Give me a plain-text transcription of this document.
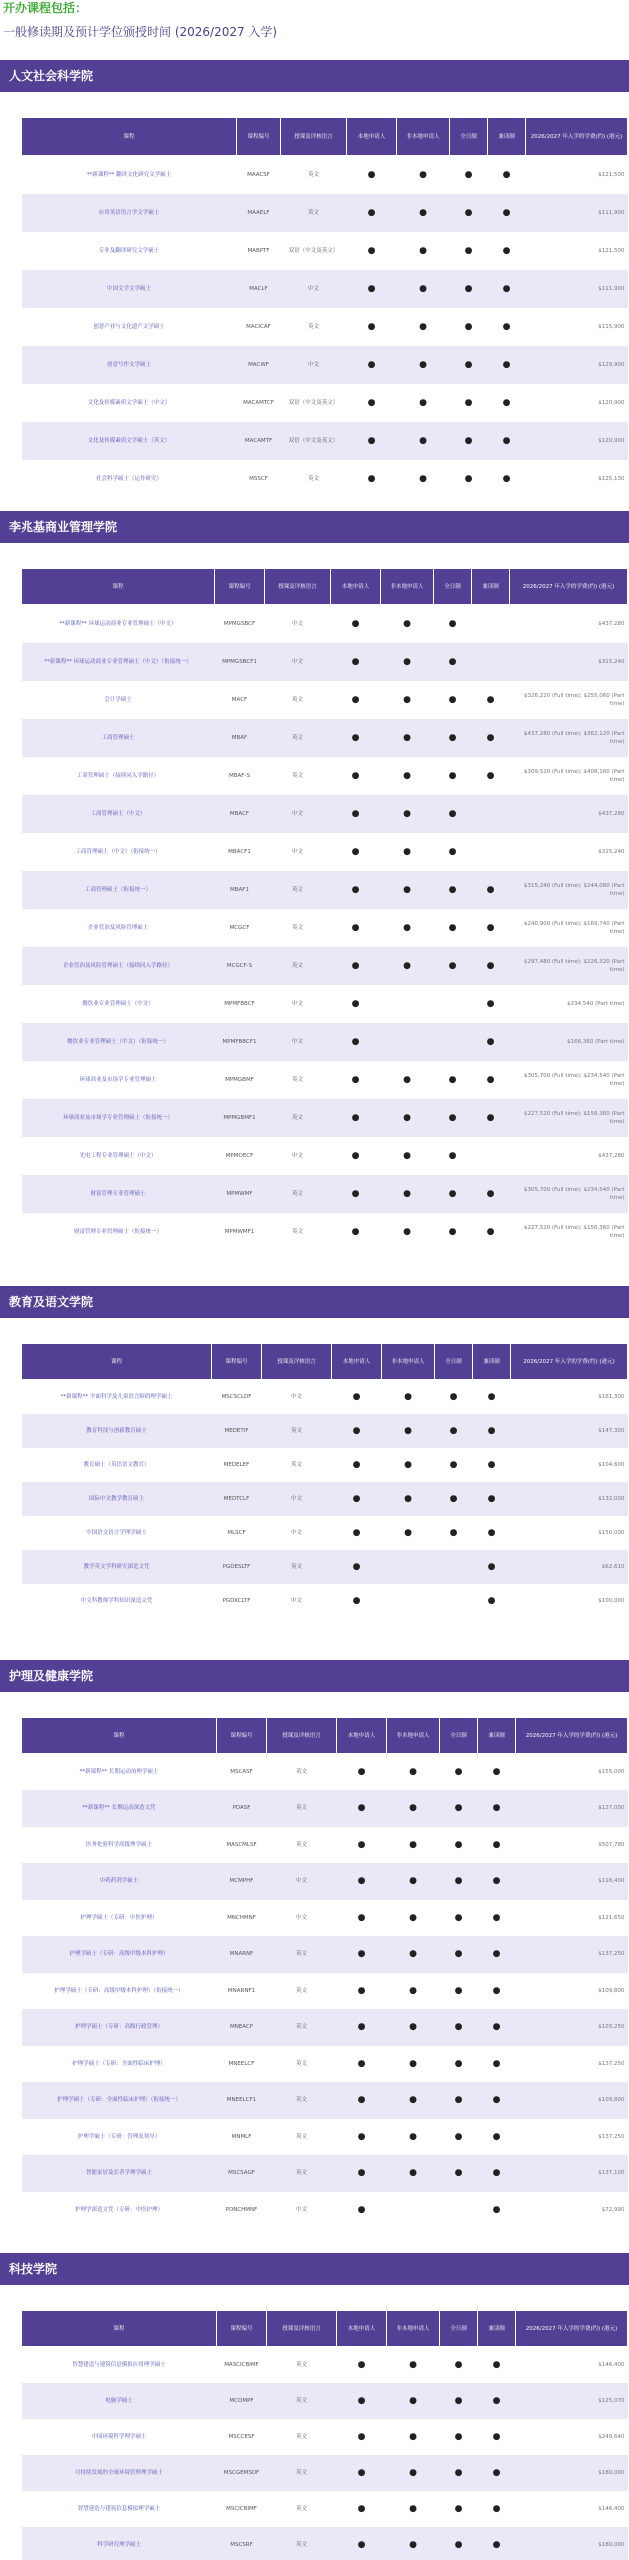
开办课程包括：
一般修读期及预计学位颁授时间 (2026/2027 入学)
人文社会科学院
课程	课程编号	授课及评核语言	本地申请人	非本地申请人	全日制	兼读制	2026/2027 年入学的学费(约) (港元)
**新课程** 翻译文化研究文学硕士	MAACSF	英文	●	●	●	●	$121,500
应用英语语言学文学硕士	MAAELF	英文	●	●	●	●	$111,900
专业及翻译研究文学硕士	MABPTF	双语（中文及英文）	●	●	●	●	$121,500
中国文学文学硕士	MACLF	中文	●	●	●	●	$111,900
创意产业与文化遗产文学硕士	MACICAF	英文	●	●	●	●	$115,900
创意写作文学硕士	MACWF	中文	●	●	●	●	$129,900
文化及传媒素质文学硕士（中文）	MACAMTCF	双语（中文及英文）	●	●	●	●	$120,900
文化及传媒素质文学硕士（英文）	MACAMTF	双语（中文及英文）	●	●	●	●	$120,900
社会科学硕士（运作研究）	MSSCF	英文	●	●	●	●	$125,130
李兆基商业管理学院
课程	课程编号	授课及评核语言	本地申请人	非本地申请人	全日制	兼读制	2026/2027 年入学的学费(约) (港元)
**新课程** 环球运动商业专业管理硕士（中文）	MPMGSBCF	中文	●	●	●		$437,280
**新课程** 环球运动商业专业管理硕士（中文）（衔接统一）	MPMGSBCF1	中文	●	●	●		$315,240
会计学硕士	MACF	英文	●	●	●	●	$326,220 (Full time); $255,060 (Part time)
工商管理硕士	MBAF	英文	●	●	●	●	$437,280 (Full time); $362,120 (Part time)
工商管理硕士（接续同入学路径）	MBAF-S	英文	●	●	●	●	$309,520 (Full time); $408,160 (Part time)
工商管理硕士（中文）	MBACF	中文	●	●	●		$437,280
工商管理硕士（中文）（衔接统一）	MBACF1	中文	●	●	●		$315,240
工商管理硕士（衔接统一）	MBAF1	英文	●	●	●	●	$315,240 (Full time); $244,080 (Part time)
企业管治及风险管理硕士	MCGCF	英文	●	●	●	●	$240,900 (Full time); $169,740 (Part time)
企业管治及风险管理硕士（接续同入学路径）	MCGCF-S	英文	●	●	●	●	$297,480 (Full time); $226,320 (Part time)
餐饮业专业管理硕士（中文）	MPMFBBCF	中文	●			●	$234,540 (Part time)
餐饮业专业管理硕士（中文）（衔接统一）	MPMFBBCF1	中文	●			●	$166,360 (Part time)
环球商业及市场学专业管理硕士	MPMGBMF	英文	●	●	●	●	$305,700 (Full time); $234,540 (Part time)
环球商业及市场学专业管理硕士（衔接统一）	MPMGBMF1	英文	●	●	●	●	$227,520 (Full time); $156,360 (Part time)
光电工程专业管理硕士（中文）	MPMOECF	中文	●	●	●		$437,280
财富管理专业管理硕士	MPMWMF	英文	●	●	●	●	$305,700 (Full time); $234,540 (Part time)
财富管理专业管理硕士（衔接统一）	MPMWMF1	英文	●	●	●	●	$227,520 (Full time); $156,360 (Part time)
教育及语文学院
课程	课程编号	授课及评核语言	本地申请人	非本地申请人	全日制	兼读制	2026/2027 年入学的学费(约) (港元)
**新课程** 全面科学及儿童语言障碍理学硕士	MSCSCLDF	中文	●	●	●	●	$161,300
教育科技与创新教育硕士	MEDETIF	英文	●	●	●	●	$147,300
教育硕士（英语语文教育）	MEDELEF	英文	●	●	●	●	$104,600
国际中文教学教育硕士	MEDTCLF	中文	●	●	●	●	$132,000
中国语文语言学理学硕士	MLSCF	中文	●	●	●	●	$150,000
教学英文学科研究深造文凭	PGDESLTF	英文	●			●	$62,610
中文科教师学科知识深造文凭	PGDKCLTF	中文	●			●	$100,000
护理及健康学院
课程	课程编号	授课及评核语言	本地申请人	非本地申请人	全日制	兼读制	2026/2027 年入学的学费(约) (港元)
**新课程** 长期运动治理学硕士	MSCASF	英文	●	●	●	●	$155,000
**新课程** 长期运动深造文凭	PDASF	英文	●	●	●	●	$127,000
医务化验科学高级理学硕士	MASCMLSF	英文	●	●	●	●	$507,780
中药药剂学硕士	MCMPHF	中文	●	●	●	●	$116,400
护理学硕士（专研：中医护理）	MNCHMNF	中文	●	●	●	●	$121,650
护理学硕士（专研：高级甲级本科护理）	MNARNF	英文	●	●	●	●	$137,250
护理学硕士（专研：高级甲级本科护理）（衔接统一）	MNARNF1	英文	●	●	●	●	$109,800
护理学硕士（专研：高级行政管理）	MNEACF	英文	●	●	●	●	$103,250
护理学硕士（专研：全面性临床护理）	MNEELCF	英文	●	●	●	●	$137,250
护理学硕士（专研：全面性临床护理）（衔接统一）	MNEELCF1	英文	●	●	●	●	$109,800
护理学硕士（专研：管理及领导）	MNMLF	英文	●	●	●	●	$137,250
智能家居及长者学理学硕士	MSCSAGF	英文	●	●	●	●	$137,100
护理学深造文凭（专研：中医护理）	PDNCHMNF	中文	●			●	$72,990
科技学院
课程	课程编号	授课及评核语言	本地申请人	非本地申请人	全日制	兼读制	2026/2027 年入学的学费(约) (港元)
智慧建造与建筑信息模拟应用理学硕士	MASCICBIMF	英文	●	●	●	●	$146,400
电脑学硕士	MCOMPF	英文	●	●	●	●	$125,070
中国环境科学理学硕士	MSCCESF	英文	●	●	●	●	$249,640
可持续发展的全球环境管理理学硕士	MSCGEMSDF	英文	●	●	●	●	$180,000
智慧建造与建筑信息模拟理学硕士	MSCICBIMF	英文	●	●	●	●	$146,400
科学研究理学硕士	MSCSRF	英文	●	●	●	●	$180,000
